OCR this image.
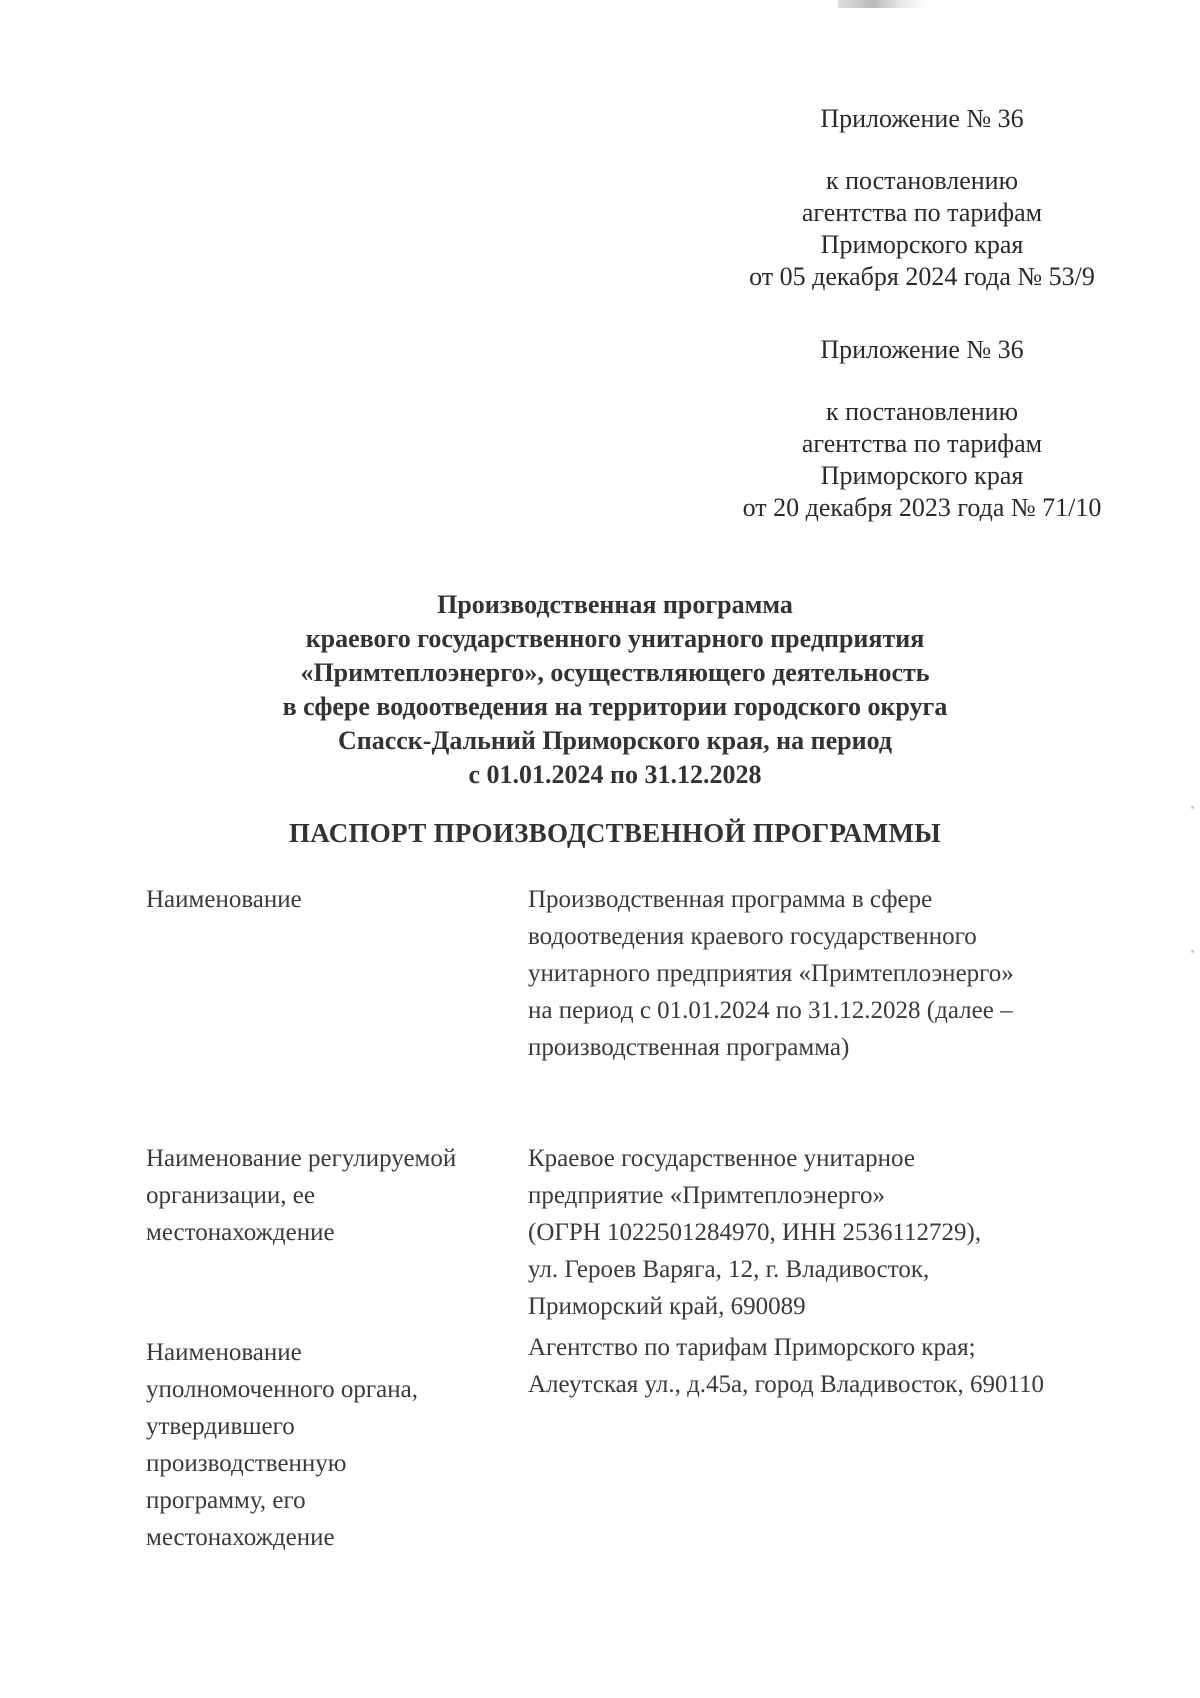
Приложение № 36
к постановлению
агентства по тарифам
Приморского края
от 05 декабря 2024 года № 53/9
Приложение № 36
к постановлению
агентства по тарифам
Приморского края
от 20 декабря 2023 года № 71/10
Производственная программа
краевого государственного унитарного предприятия
«Примтеплоэнерго», осуществляющего деятельность
в сфере водоотведения на территории городского округа
Спасск-Дальний Приморского края, на период
с 01.01.2024 по 31.12.2028
ПАСПОРТ ПРОИЗВОДСТВЕННОЙ ПРОГРАММЫ
Наименование	Производственная программа в сфере
водоотведения краевого государственного
унитарного предприятия «Примтеплоэнерго»
на период с 01.01.2024 по 31.12.2028 (далее –
производственная программа)
Наименование регулируемой
организации, ее
местонахождение
Краевое государственное унитарное
предприятие «Примтеплоэнерго»
(ОГРН 1022501284970, ИНН 2536112729),
ул. Героев Варяга, 12, г. Владивосток,
Приморский край, 690089
Наименование
уполномоченного органа,
утвердившего
производственную
программу, его
местонахождение
Агентство по тарифам Приморского края;
Алеутская ул., д.45а, город Владивосток, 690110
